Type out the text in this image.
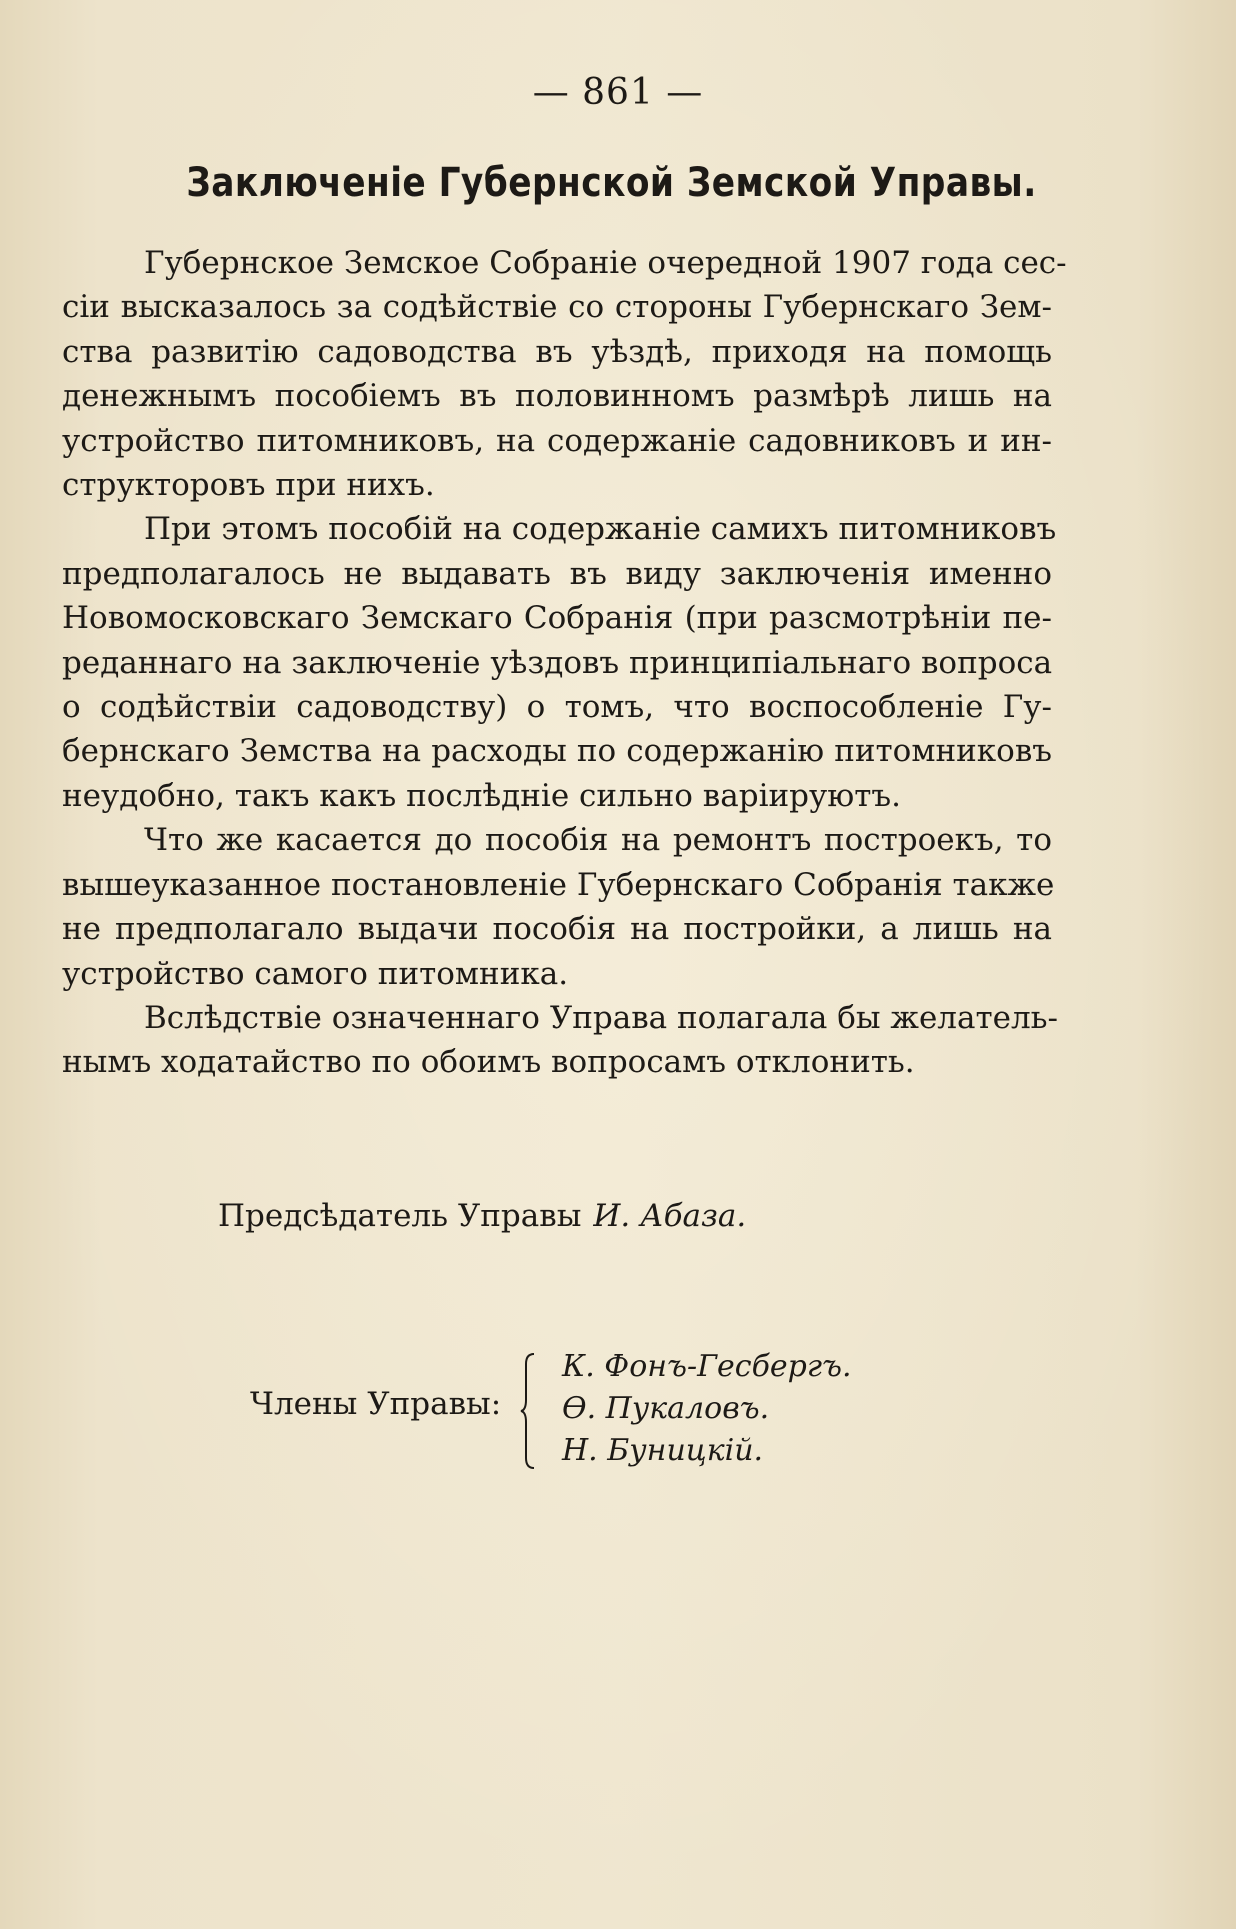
— 861 —
Заключеніе Губернской Земской Управы.

Губернское Земское Собраніе очередной 1907 года сес-
сіи высказалось за содѣйствіе со стороны Губернскаго Зем-
ства развитію садоводства въ уѣздѣ, приходя на помощь
денежнымъ пособіемъ въ половинномъ размѣрѣ лишь на
устройство питомниковъ, на содержаніе садовниковъ и ин-
структоровъ при нихъ.

При этомъ пособій на содержаніе самихъ питомниковъ
предполагалось не выдавать въ виду заключенія именно
Новомосковскаго Земскаго Собранія (при разсмотрѣніи пе-
реданнаго на заключеніе уѣздовъ принципіальнаго вопроса
о содѣйствіи садоводству) о томъ, что воспособленіе Гу-
бернскаго Земства на расходы по содержанію питомниковъ
неудобно, такъ какъ послѣдніе сильно варіируютъ.

Что же касается до пособія на ремонтъ построекъ, то
вышеуказанное постановленіе Губернскаго Собранія также
не предполагало выдачи пособія на постройки, а лишь на
устройство самого питомника.

Вслѣдствіе означеннаго Управа полагала бы желатель-
нымъ ходатайство по обоимъ вопросамъ отклонить.

Предсѣдатель Управы И. Абаза.
Члены Управы:
К. Фонъ-Гесбергъ.
Ө. Пукаловъ.
Н. Буницкій.
